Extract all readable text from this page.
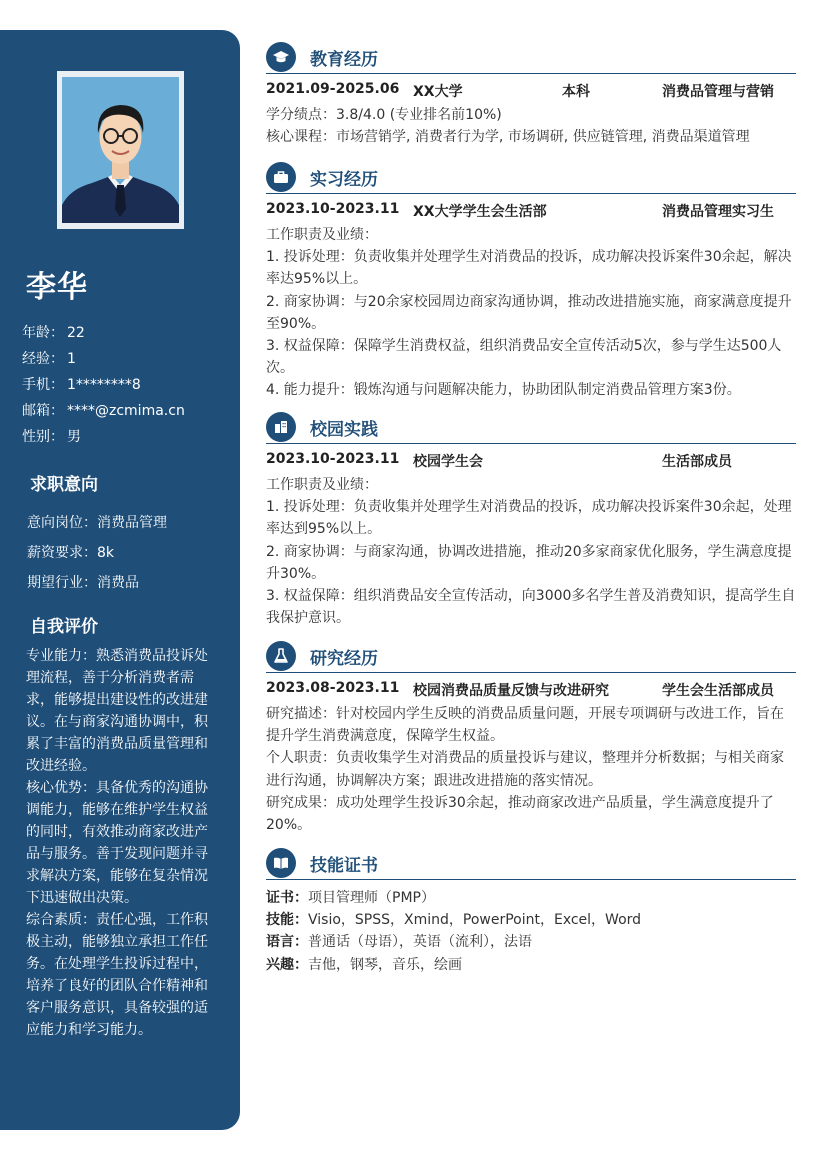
李华
年龄： 22
经验： 1
手机： 1********8
邮箱： ****@zcmima.cn
性别： 男
求职意向
意向岗位：消费品管理
薪资要求：8k
期望行业：消费品
自我评价

专业能力：熟悉消费品投诉处理流程，善于分析消费者需求，能够提出建设性的改进建议。在与商家沟通协调中，积累了丰富的消费品质量管理和改进经验。

核心优势：具备优秀的沟通协调能力，能够在维护学生权益的同时，有效推动商家改进产品与服务。善于发现问题并寻求解决方案，能够在复杂情况下迅速做出决策。

综合素质：责任心强，工作积极主动，能够独立承担工作任务。在处理学生投诉过程中，培养了良好的团队合作精神和客户服务意识，具备较强的适应能力和学习能力。

教育经历
2021.09-2025.06 XX大学	本科	消费品管理与营销

学分绩点：3.8/4.0 (专业排名前10%)

核心课程：市场营销学, 消费者行为学, 市场调研, 供应链管理, 消费品渠道管理

实习经历
2023.10-2023.11 XX大学学生会生活部	消费品管理实习生

工作职责及业绩：

1. 投诉处理：负责收集并处理学生对消费品的投诉，成功解决投诉案件30余起，解决率达95%以上。

2. 商家协调：与20余家校园周边商家沟通协调，推动改进措施实施，商家满意度提升至90%。

3. 权益保障：保障学生消费权益，组织消费品安全宣传活动5次，参与学生达500人次。

4. 能力提升：锻炼沟通与问题解决能力，协助团队制定消费品管理方案3份。

校园实践
2023.10-2023.11 校园学生会	生活部成员

工作职责及业绩：

1. 投诉处理：负责收集并处理学生对消费品的投诉，成功解决投诉案件30余起，处理率达到95%以上。

2. 商家协调：与商家沟通，协调改进措施，推动20多家商家优化服务，学生满意度提升30%。

3. 权益保障：组织消费品安全宣传活动，向3000多名学生普及消费知识，提高学生自我保护意识。

研究经历
2023.08-2023.11 校园消费品质量反馈与改进研究	学生会生活部成员

研究描述：针对校园内学生反映的消费品质量问题，开展专项调研与改进工作，旨在提升学生消费满意度，保障学生权益。

个人职责：负责收集学生对消费品的质量投诉与建议，整理并分析数据；与相关商家进行沟通，协调解决方案；跟进改进措施的落实情况。

研究成果：成功处理学生投诉30余起，推动商家改进产品质量，学生满意度提升了20%。

技能证书
证书：项目管理师（PMP）
技能：Visio，SPSS，Xmind，PowerPoint，Excel，Word
语言：普通话（母语），英语（流利），法语
兴趣：吉他，钢琴，音乐，绘画
